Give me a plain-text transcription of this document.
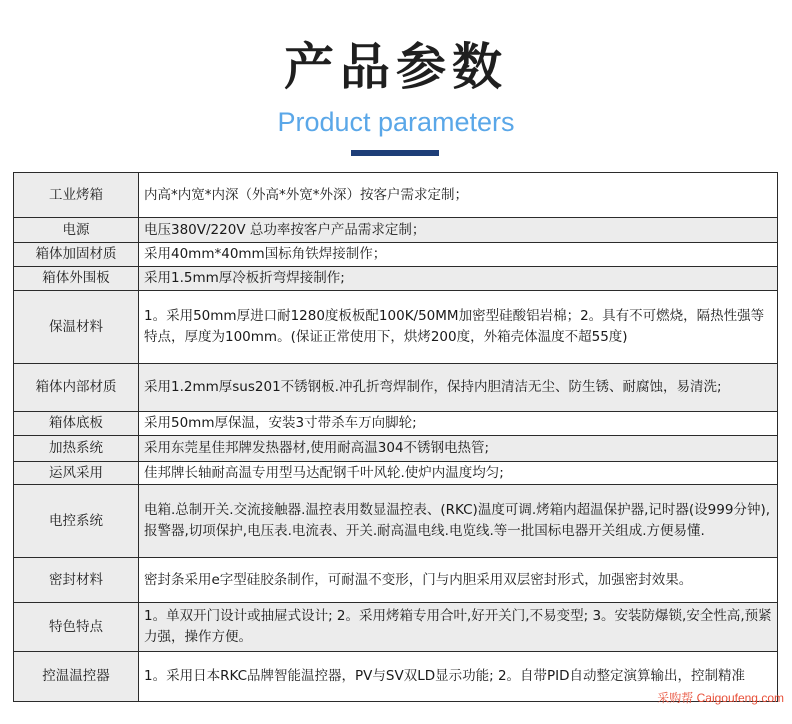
产品参数
Product parameters
工业烤箱	内高*内宽*内深（外高*外宽*外深）按客户需求定制；
电源	电压380V/220V 总功率按客户产品需求定制；
箱体加固材质	采用40mm*40mm国标角铁焊接制作；
箱体外围板	采用1.5mm厚冷板折弯焊接制作;
保温材料	1。采用50mm厚进口耐1280度板板配100K/50MM加密型硅酸铝岩棉；2。具有不可燃烧，隔热性强等特点，厚度为100mm。(保证正常使用下，烘烤200度，外箱壳体温度不超55度)
箱体内部材质	采用1.2mm厚sus201不锈钢板.冲孔折弯焊制作，保持内胆清洁无尘、防生锈、耐腐蚀，易清洗;
箱体底板	采用50mm厚保温，安装3寸带杀车万向脚轮;
加热系统	采用东莞星佳邦牌发热器材,使用耐高温304不锈钢电热管;
运风采用	佳邦牌长轴耐高温专用型马达配钢千叶风轮.使炉内温度均匀;
电控系统	电箱.总制开关.交流接触器.温控表用数显温控表、(RKC)温度可调.烤箱内超温保护器,记时器(设999分钟),报警器,切项保护,电压表.电流表、开关.耐高温电线.电览线.等一批国标电器开关组成.方便易懂.
密封材料	密封条采用e字型硅胶条制作，可耐温不变形，门与内胆采用双层密封形式，加强密封效果。
特色特点	1。单双开门设计或抽屉式设计; 2。采用烤箱专用合叶,好开关门,不易变型; 3。安装防爆锁,安全性高,预紧力强，操作方便。
控温温控器	1。采用日本RKC品牌智能温控器，PV与SV双LD显示功能; 2。自带PID自动整定演算输出，控制精准
采购帮 Caigoufeng.com
